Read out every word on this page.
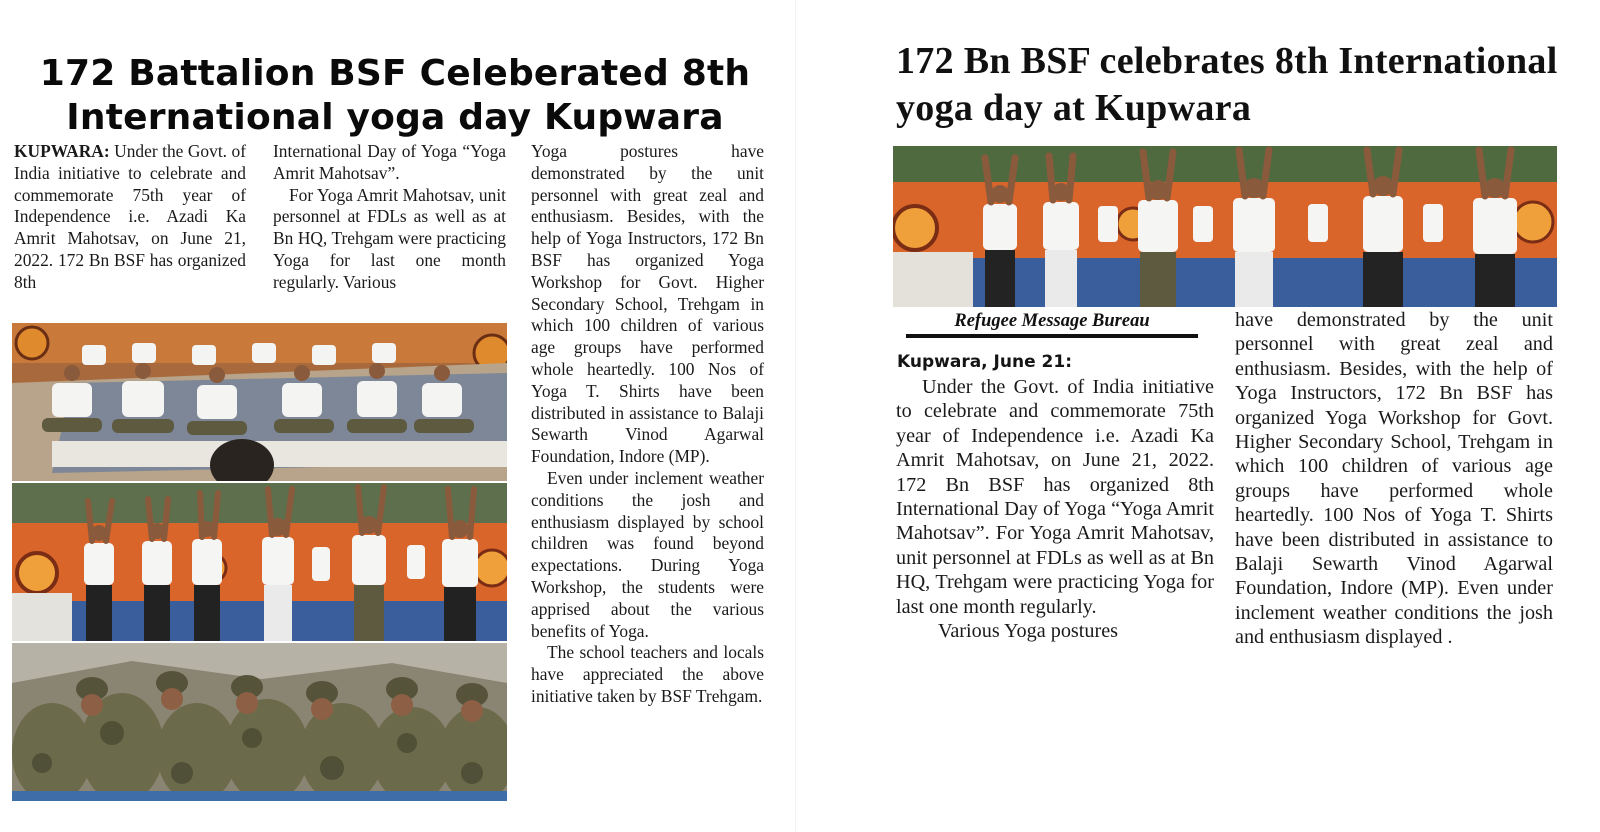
172 Battalion BSF Celeberated 8th International yoga day Kupwara

KUPWARA: Under the Govt. of India initiative to celebrate and commemorate 75th year of Independence i.e. Azadi Ka Amrit Mahotsav, on June 21, 2022. 172 Bn BSF has organized 8th

International Day of Yoga “Yoga Amrit Mahotsav”.

For Yoga Amrit Mahotsav, unit personnel at FDLs as well as at Bn HQ, Trehgam were practicing Yoga for last one month regularly. Various

Yoga postures have demonstrated by the unit personnel with great zeal and enthusiasm. Besides, with the help of Yoga Instructors, 172 Bn BSF has organized Yoga Workshop for Govt. Higher Secondary School, Trehgam in which 100 children of various age groups have performed whole heartedly. 100 Nos of Yoga T. Shirts have been distributed in assistance to Balaji Sewarth Vinod Agarwal Foundation, Indore (MP).

Even under inclement weather conditions the josh and enthusiasm displayed by school children was found beyond expectations. During Yoga Workshop, the students were apprised about the various benefits of Yoga.

The school teachers and locals have appreciated the above initiative taken by BSF Trehgam.

172 Bn BSF celebrates 8th International yoga day at Kupwara
Refugee Message Bureau
Kupwara, June 21:

Under the Govt. of India initiative to celebrate and commemorate 75th year of Independence i.e. Azadi Ka Amrit Mahotsav, on June 21, 2022. 172 Bn BSF has organized 8th International Day of Yoga “Yoga Amrit Mahotsav”. For Yoga Amrit Mahotsav, unit personnel at FDLs as well as at Bn HQ, Trehgam were practicing Yoga for last one month regularly.

Various Yoga postures

have demonstrated by the unit personnel with great zeal and enthusiasm. Besides, with the help of Yoga Instructors, 172 Bn BSF has organized Yoga Workshop for Govt. Higher Secondary School, Trehgam in which 100 children of various age groups have performed whole heartedly. 100 Nos of Yoga T. Shirts have been distributed in assistance to Balaji Sewarth Vinod Agarwal Foundation, Indore (MP). Even under inclement weather conditions the josh and enthusiasm displayed .
